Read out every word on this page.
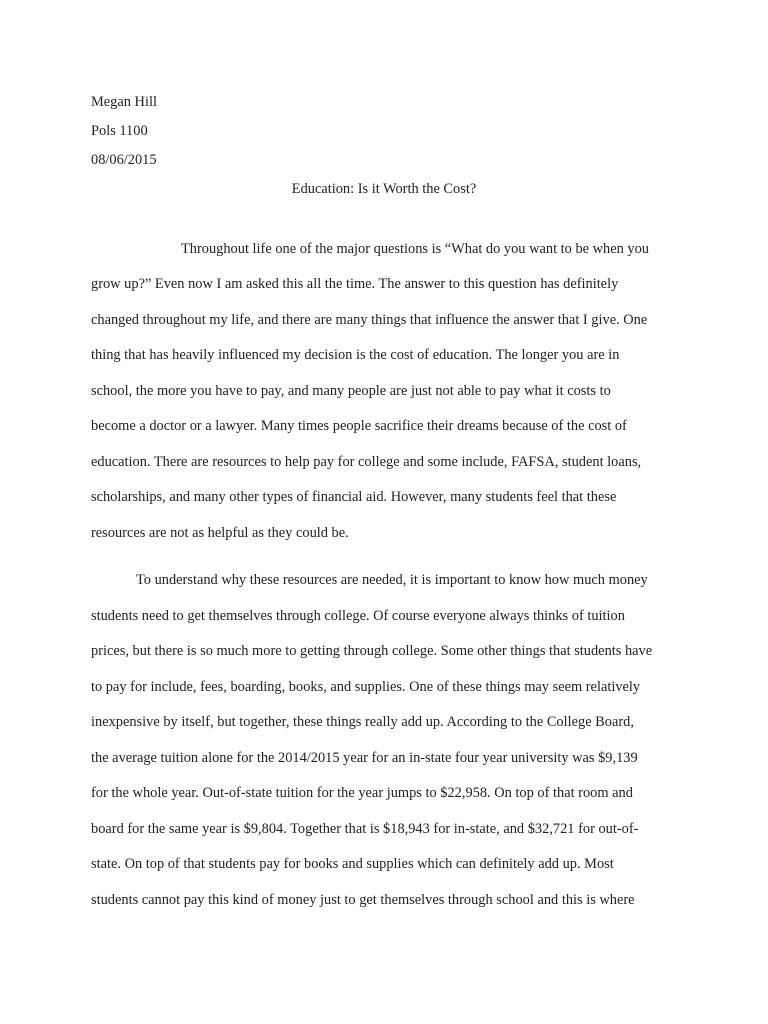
Megan Hill
Pols 1100
08/06/2015
Education: Is it Worth the Cost?
Throughout life one of the major questions is “What do you want to be when you
grow up?” Even now I am asked this all the time. The answer to this question has definitely
changed throughout my life, and there are many things that influence the answer that I give. One
thing that has heavily influenced my decision is the cost of education. The longer you are in
school, the more you have to pay, and many people are just not able to pay what it costs to
become a doctor or a lawyer. Many times people sacrifice their dreams because of the cost of
education. There are resources to help pay for college and some include, FAFSA, student loans,
scholarships, and many other types of financial aid. However, many students feel that these
resources are not as helpful as they could be.
To understand why these resources are needed, it is important to know how much money
students need to get themselves through college. Of course everyone always thinks of tuition
prices, but there is so much more to getting through college. Some other things that students have
to pay for include, fees, boarding, books, and supplies. One of these things may seem relatively
inexpensive by itself, but together, these things really add up. According to the College Board,
the average tuition alone for the 2014/2015 year for an in-state four year university was $9,139
for the whole year. Out-of-state tuition for the year jumps to $22,958. On top of that room and
board for the same year is $9,804. Together that is $18,943 for in-state, and $32,721 for out-of-
state. On top of that students pay for books and supplies which can definitely add up. Most
students cannot pay this kind of money just to get themselves through school and this is where
